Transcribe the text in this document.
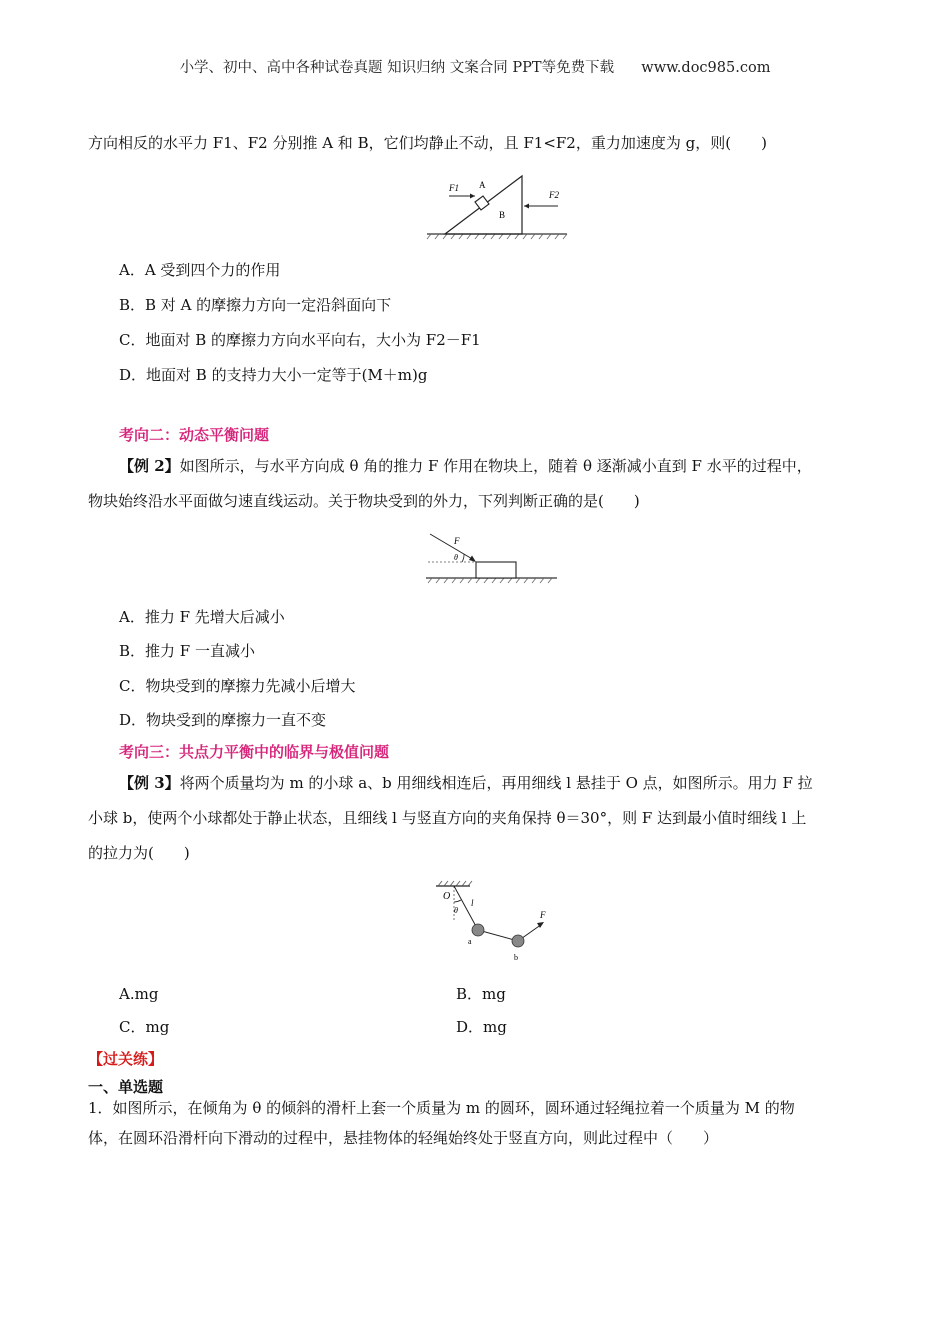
小学、初中、高中各种试卷真题 知识归纳 文案合同 PPT等免费下载 www.doc985.com
方向相反的水平力 F1、F2 分别推 A 和 B，它们均静止不动，且 F1<F2，重力加速度为 g，则(　　)
F1 A
B
F2
A．A 受到四个力的作用
B．B 对 A 的摩擦力方向一定沿斜面向下
C．地面对 B 的摩擦力方向水平向右，大小为 F2－F1
D．地面对 B 的支持力大小一定等于(M＋m)g
考向二：动态平衡问题
【例 2】如图所示，与水平方向成 θ 角的推力 F 作用在物块上，随着 θ 逐渐减小直到 F 水平的过程中，
物块始终沿水平面做匀速直线运动。关于物块受到的外力，下列判断正确的是(　　)
F
θ
A．推力 F 先增大后减小
B．推力 F 一直减小
C．物块受到的摩擦力先减小后增大
D．物块受到的摩擦力一直不变
考向三：共点力平衡中的临界与极值问题
【例 3】将两个质量均为 m 的小球 a、b 用细线相连后，再用细线 l 悬挂于 O 点，如图所示。用力 F 拉
小球 b，使两个小球都处于静止状态，且细线 l 与竖直方向的夹角保持 θ＝30°，则 F 达到最小值时细线 l 上
的拉力为(　　)
O
θ
l
a
b
F
A.mg	B．mg
C．mg	D．mg
【过关练】
一、单选题
1．如图所示，在倾角为 θ 的倾斜的滑杆上套一个质量为 m 的圆环，圆环通过轻绳拉着一个质量为 M 的物
体，在圆环沿滑杆向下滑动的过程中，悬挂物体的轻绳始终处于竖直方向，则此过程中（　　）
